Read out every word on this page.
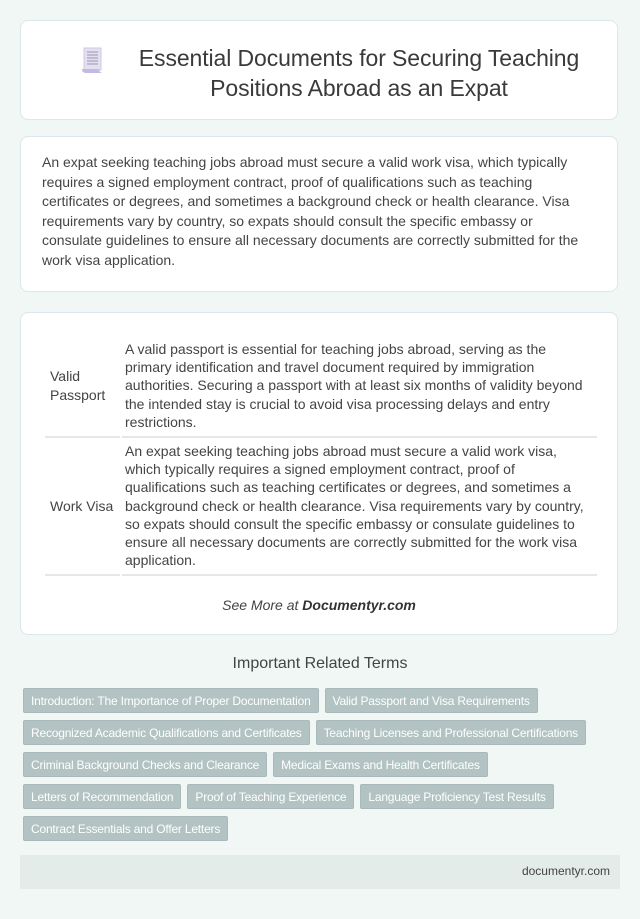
Essential Documents for Securing Teaching Positions Abroad as an Expat

An expat seeking teaching jobs abroad must secure a valid work visa, which typically requires a signed employment contract, proof of qualifications such as teaching certificates or degrees, and sometimes a background check or health clearance. Visa requirements vary by country, so expats should consult the specific embassy or consulate guidelines to ensure all necessary documents are correctly submitted for the work visa application.

Valid Passport	A valid passport is essential for teaching jobs abroad, serving as the primary identification and travel document required by immigration authorities. Securing a passport with at least six months of validity beyond the intended stay is crucial to avoid visa processing delays and entry restrictions.
Work Visa	An expat seeking teaching jobs abroad must secure a valid work visa, which typically requires a signed employment contract, proof of qualifications such as teaching certificates or degrees, and sometimes a background check or health clearance. Visa requirements vary by country, so expats should consult the specific embassy or consulate guidelines to ensure all necessary documents are correctly submitted for the work visa application.
See More at Documentyr.com
Important Related Terms
Introduction: The Importance of Proper Documentation	Valid Passport and Visa Requirements
Recognized Academic Qualifications and Certificates	Teaching Licenses and Professional Certifications
Criminal Background Checks and Clearance	Medical Exams and Health Certificates
Letters of Recommendation	Proof of Teaching Experience	Language Proficiency Test Results
Contract Essentials and Offer Letters
documentyr.com
